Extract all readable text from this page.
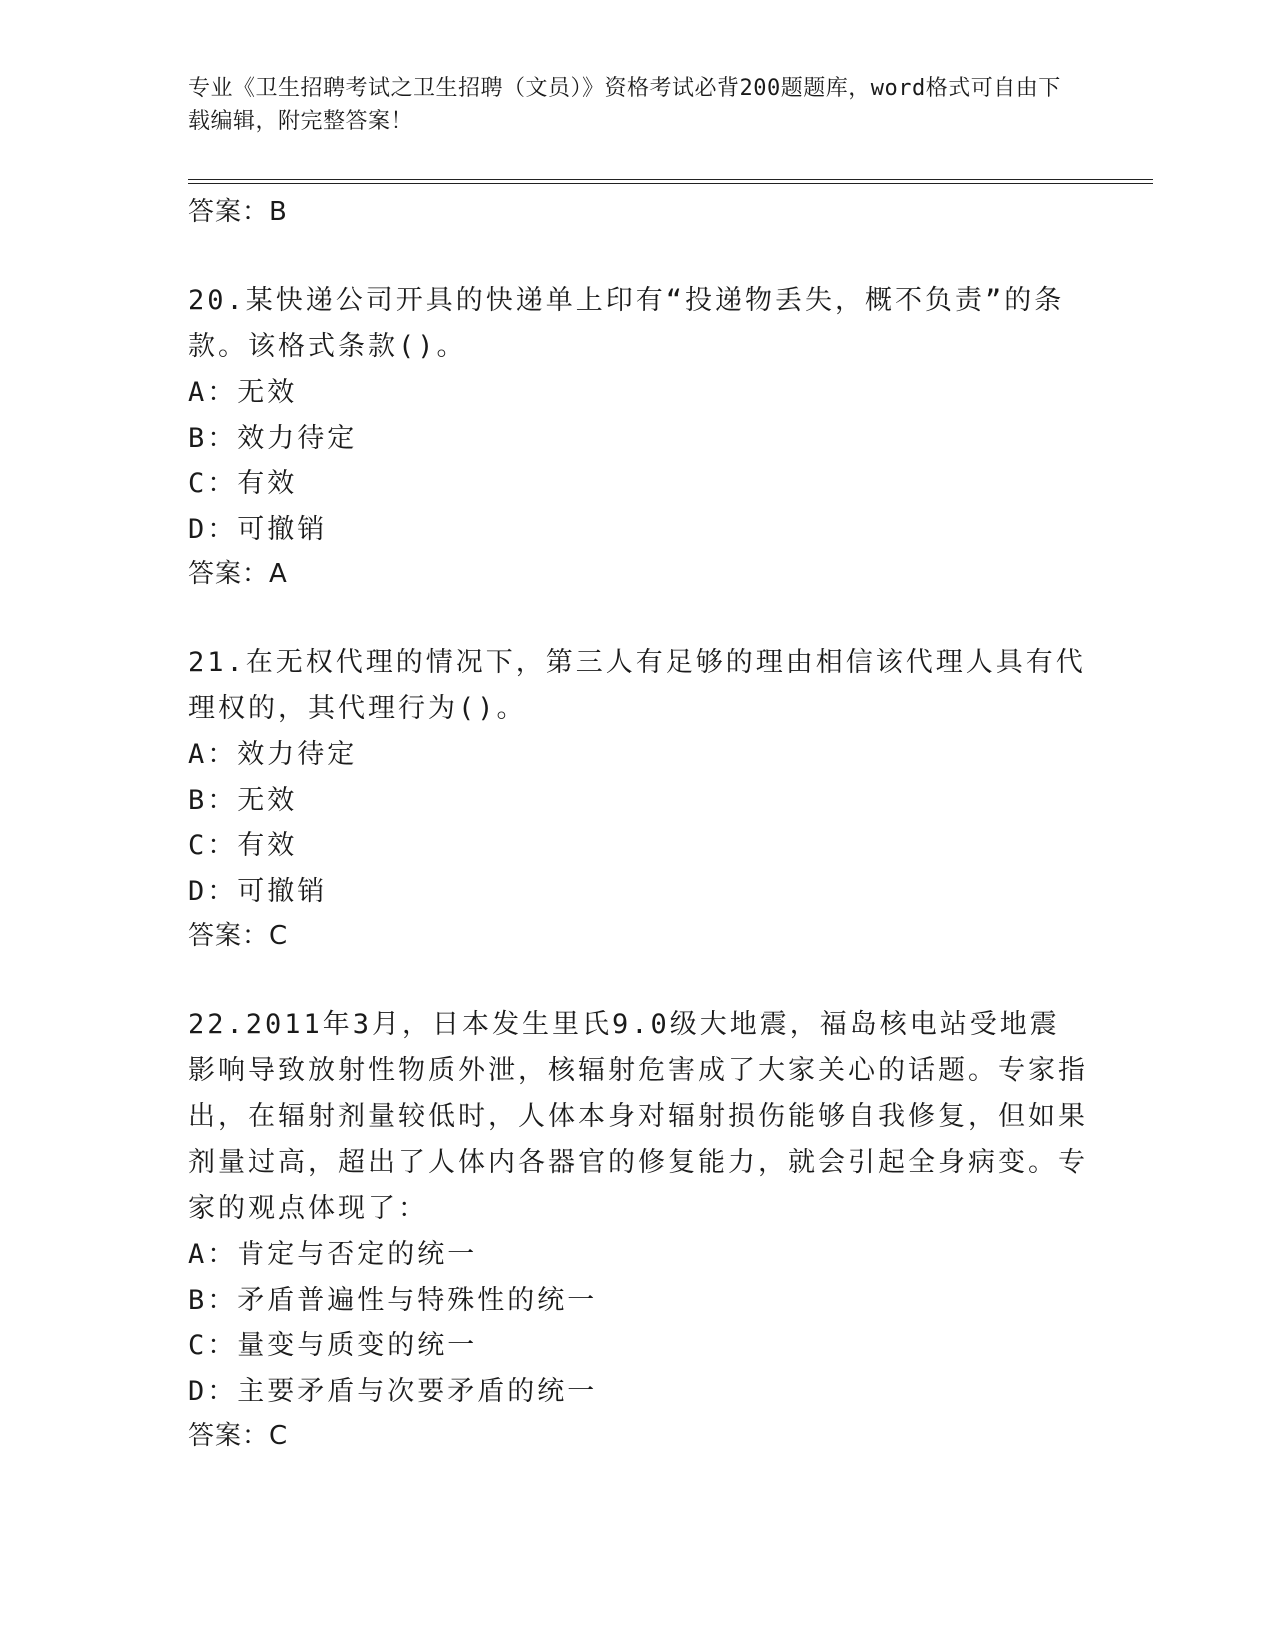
专业《卫生招聘考试之卫生招聘（文员）》资格考试必背200题题库，word格式可自由下载编辑，附完整答案！
答案：B
20.某快递公司开具的快递单上印有“投递物丢失，概不负责”的条款。该格式条款()。
A：无效
B：效力待定
C：有效
D：可撤销
答案：A
21.在无权代理的情况下，第三人有足够的理由相信该代理人具有代理权的，其代理行为()。
A：效力待定
B：无效
C：有效
D：可撤销
答案：C
22.2011年3月，日本发生里氏9.0级大地震，福岛核电站受地震影响导致放射性物质外泄，核辐射危害成了大家关心的话题。专家指出，在辐射剂量较低时，人体本身对辐射损伤能够自我修复，但如果剂量过高，超出了人体内各器官的修复能力，就会引起全身病变。专家的观点体现了：
A：肯定与否定的统一
B：矛盾普遍性与特殊性的统一
C：量变与质变的统一
D：主要矛盾与次要矛盾的统一
答案：C
